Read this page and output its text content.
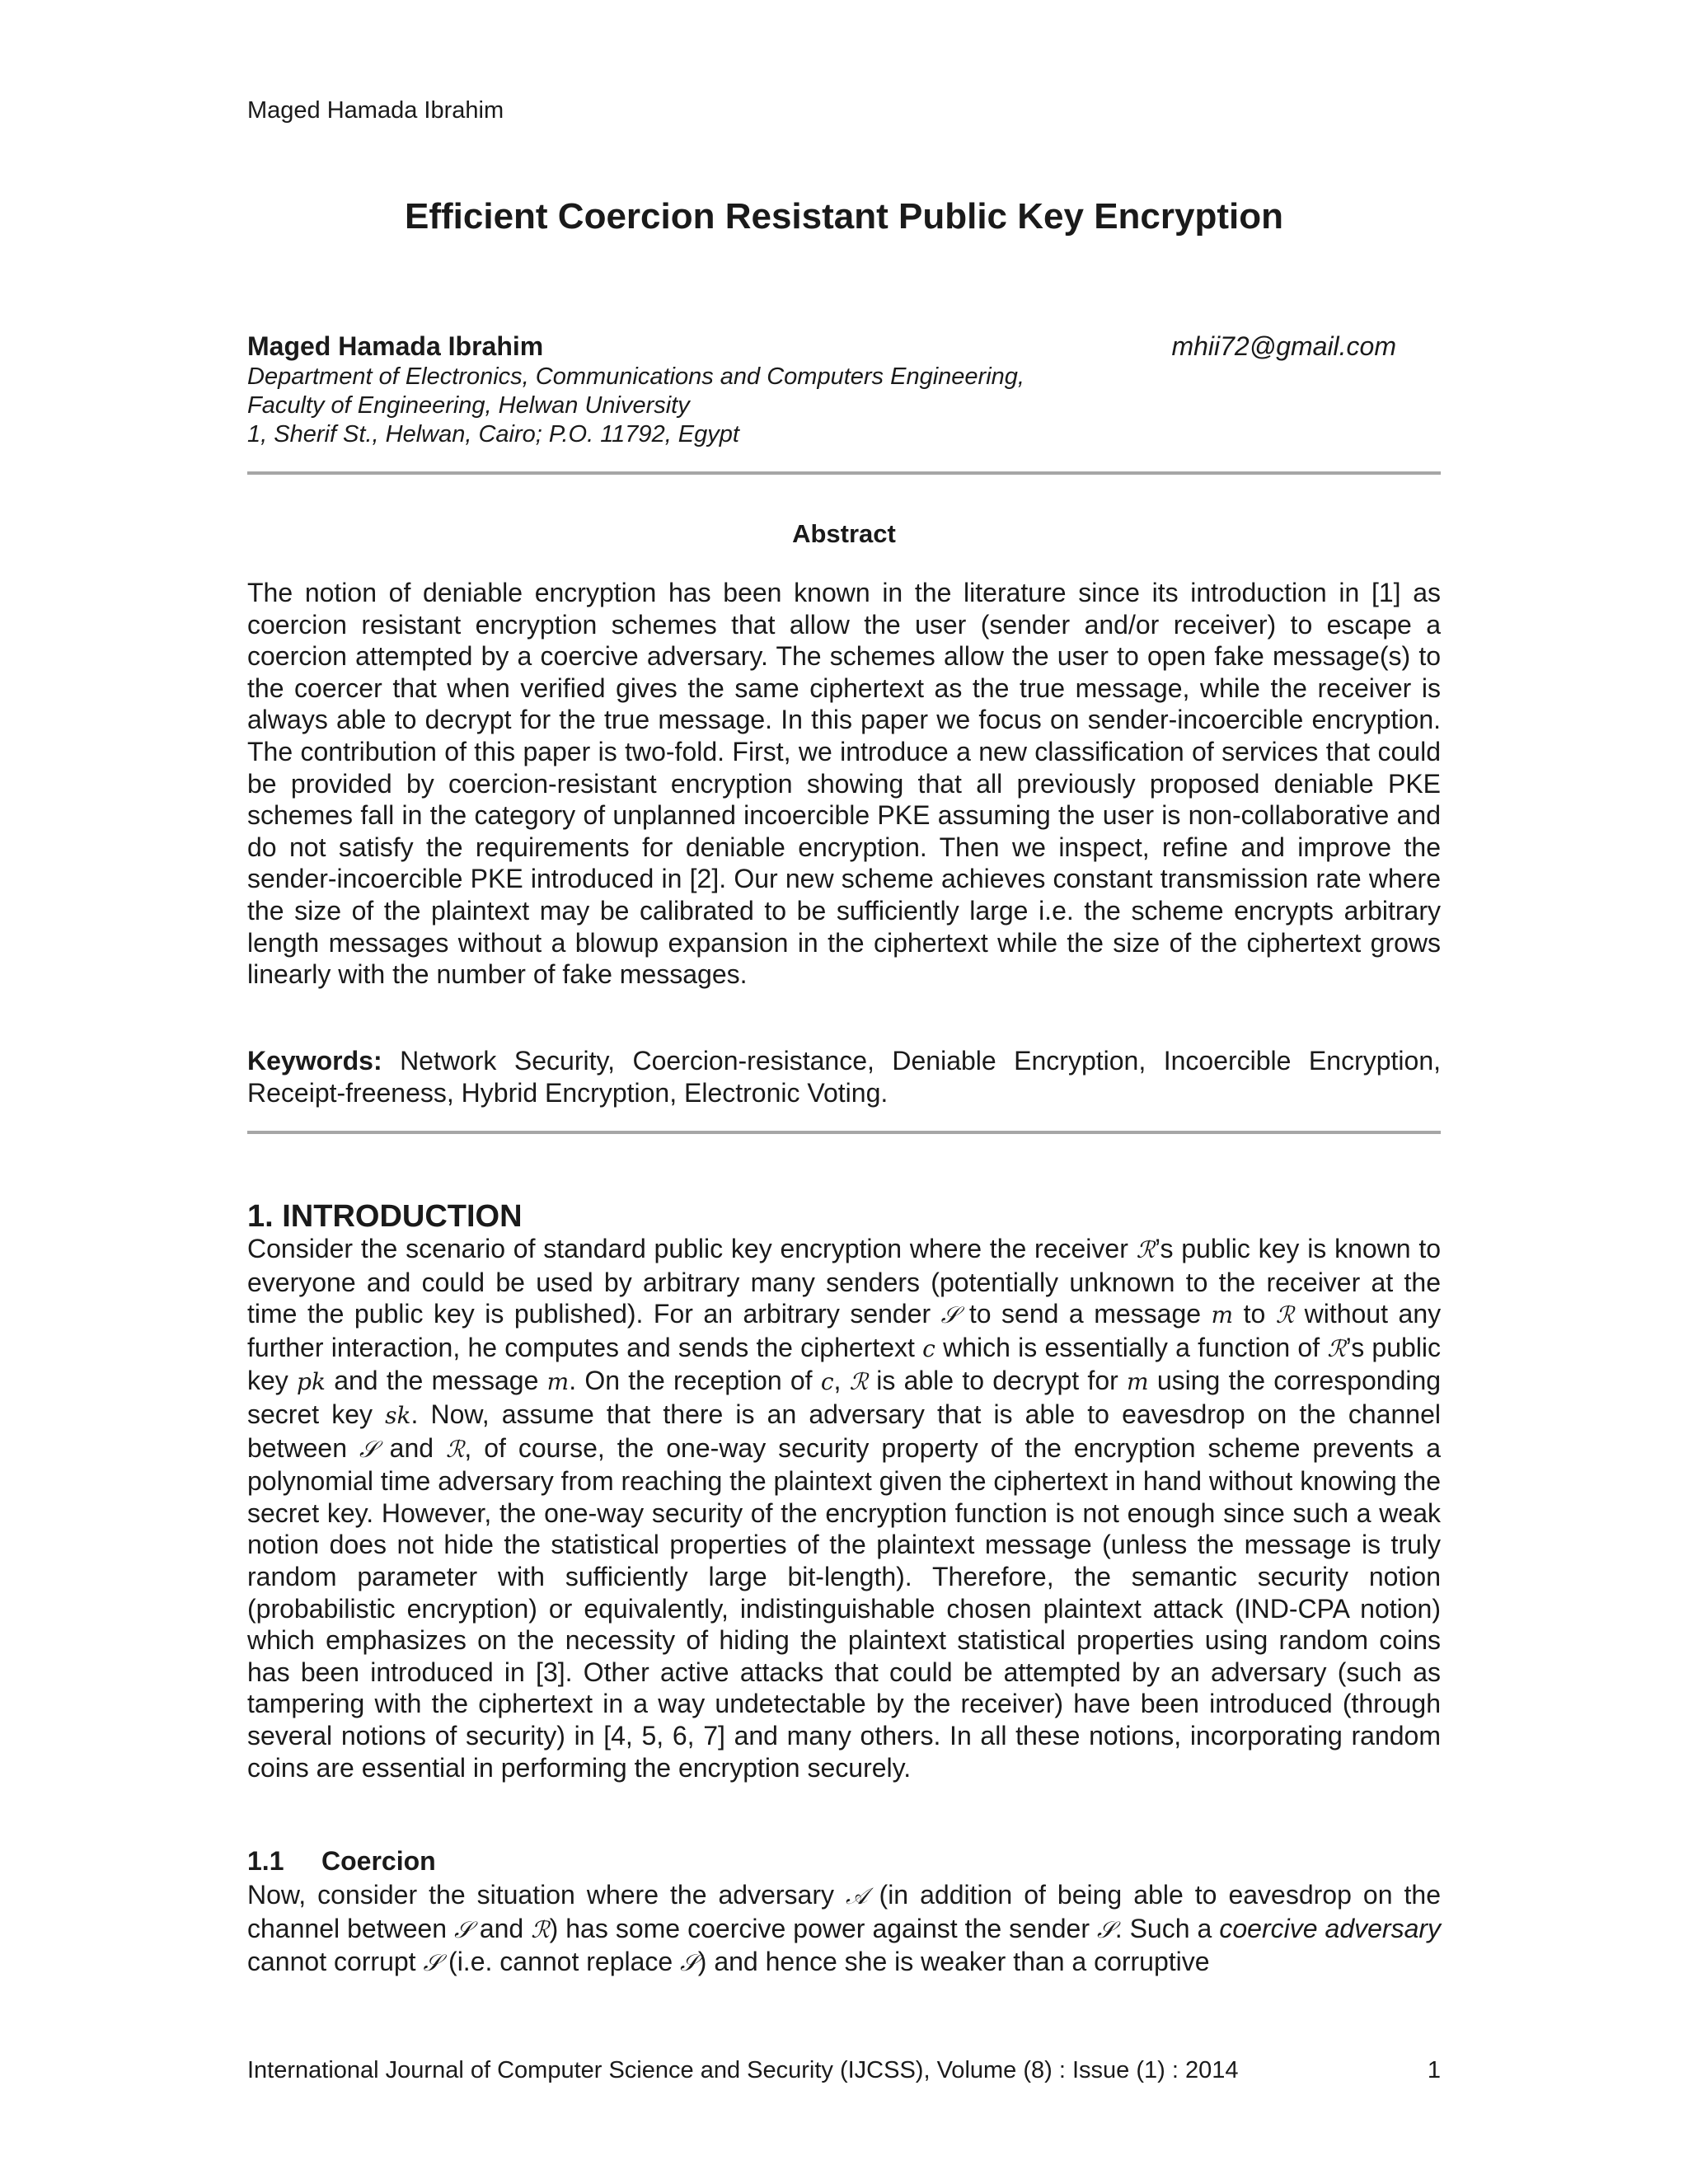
Maged Hamada Ibrahim
Efficient Coercion Resistant Public Key Encryption
Maged Hamada Ibrahim	mhii72@gmail.com
Department of Electronics, Communications and Computers Engineering,
Faculty of Engineering, Helwan University
1, Sherif St., Helwan, Cairo; P.O. 11792, Egypt
Abstract

The notion of deniable encryption has been known in the literature since its introduction in [1] as coercion resistant encryption schemes that allow the user (sender and/or receiver) to escape a coercion attempted by a coercive adversary. The schemes allow the user to open fake message(s) to the coercer that when verified gives the same ciphertext as the true message, while the receiver is always able to decrypt for the true message. In this paper we focus on sender-incoercible encryption. The contribution of this paper is two-fold. First, we introduce a new classification of services that could be provided by coercion-resistant encryption showing that all previously proposed deniable PKE schemes fall in the category of unplanned incoercible PKE assuming the user is non-collaborative and do not satisfy the requirements for deniable encryption. Then we inspect, refine and improve the sender-incoercible PKE introduced in [2]. Our new scheme achieves constant transmission rate where the size of the plaintext may be calibrated to be sufficiently large i.e. the scheme encrypts arbitrary length messages without a blowup expansion in the ciphertext while the size of the ciphertext grows linearly with the number of fake messages.

Keywords: Network Security, Coercion-resistance, Deniable Encryption, Incoercible Encryption, Receipt-freeness, Hybrid Encryption, Electronic Voting.

1. INTRODUCTION

Consider the scenario of standard public key encryption where the receiver ℛ’s public key is known to everyone and could be used by arbitrary many senders (potentially unknown to the receiver at the time the public key is published). For an arbitrary sender 𝒮 to send a message m to ℛ without any further interaction, he computes and sends the ciphertext c which is essentially a function of ℛ’s public key pk and the message m. On the reception of c, ℛ is able to decrypt for m using the corresponding secret key sk. Now, assume that there is an adversary that is able to eavesdrop on the channel between 𝒮 and ℛ, of course, the one-way security property of the encryption scheme prevents a polynomial time adversary from reaching the plaintext given the ciphertext in hand without knowing the secret key. However, the one-way security of the encryption function is not enough since such a weak notion does not hide the statistical properties of the plaintext message (unless the message is truly random parameter with sufficiently large bit-length). Therefore, the semantic security notion (probabilistic encryption) or equivalently, indistinguishable chosen plaintext attack (IND-CPA notion) which emphasizes on the necessity of hiding the plaintext statistical properties using random coins has been introduced in [3]. Other active attacks that could be attempted by an adversary (such as tampering with the ciphertext in a way undetectable by the receiver) have been introduced (through several notions of security) in [4, 5, 6, 7] and many others. In all these notions, incorporating random coins are essential in performing the encryption securely.

1.1 Coercion

Now, consider the situation where the adversary 𝒜 (in addition of being able to eavesdrop on the channel between 𝒮 and ℛ) has some coercive power against the sender 𝒮. Such a coercive adversary cannot corrupt 𝒮 (i.e. cannot replace 𝒮) and hence she is weaker than a corruptive

International Journal of Computer Science and Security (IJCSS), Volume (8) : Issue (1) : 2014	1
